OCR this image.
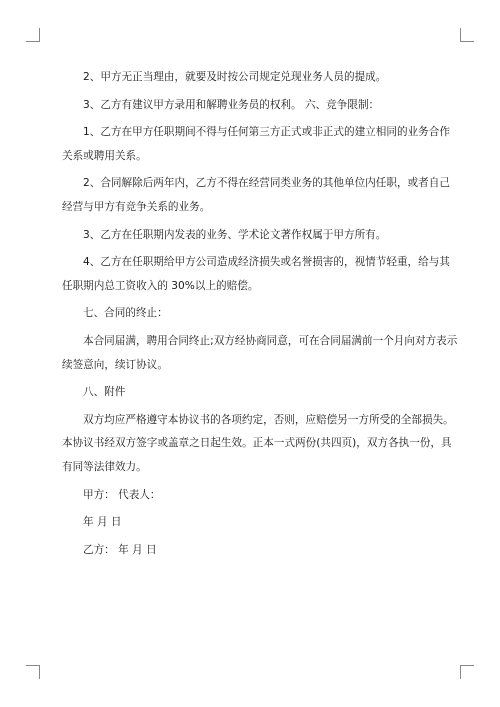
2、甲方无正当理由，就要及时按公司规定兑现业务人员的提成。

3、乙方有建议甲方录用和解聘业务员的权利。 六、竞争限制：

1、乙方在甲方任职期间不得与任何第三方正式或非正式的建立相同的业务合作

关系或聘用关系。

2、合同解除后两年内，乙方不得在经营同类业务的其他单位内任职，或者自己

经营与甲方有竞争关系的业务。

3、乙方在任职期内发表的业务、学术论文著作权属于甲方所有。

4、乙方在任职期给甲方公司造成经济损失或名誉损害的，视情节轻重，给与其

任职期内总工资收入的 30%以上的赔偿。

七、合同的终止：

本合同届满，聘用合同终止;双方经协商同意，可在合同届满前一个月向对方表示

续签意向，续订协议。

八、附件

双方均应严格遵守本协议书的各项约定，否则，应赔偿另一方所受的全部损失。

本协议书经双方签字或盖章之日起生效。正本一式两份(共四页)，双方各执一份，具

有同等法律效力。

甲方： 代表人：

年 月 日

乙方： 年 月 日
